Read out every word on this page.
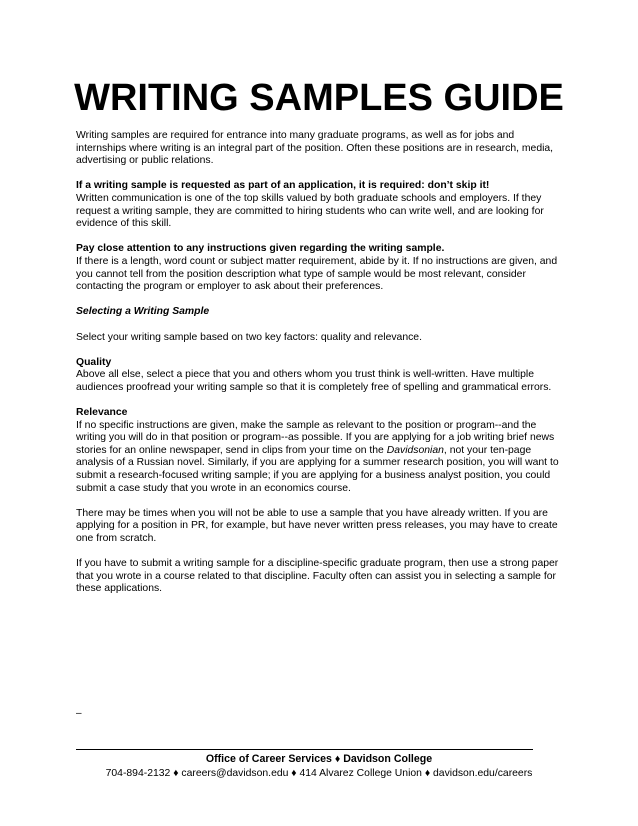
WRITING SAMPLES GUIDE

Writing samples are required for entrance into many graduate programs, as well as for jobs and internships where writing is an integral part of the position. Often these positions are in research, media, advertising or public relations.

If a writing sample is requested as part of an application, it is required: don’t skip it!
Written communication is one of the top skills valued by both graduate schools and employers. If they request a writing sample, they are committed to hiring students who can write well, and are looking for evidence of this skill.

Pay close attention to any instructions given regarding the writing sample.
If there is a length, word count or subject matter requirement, abide by it. If no instructions are given, and you cannot tell from the position description what type of sample would be most relevant, consider contacting the program or employer to ask about their preferences.

Selecting a Writing Sample

Select your writing sample based on two key factors: quality and relevance.

Quality
Above all else, select a piece that you and others whom you trust think is well-written. Have multiple audiences proofread your writing sample so that it is completely free of spelling and grammatical errors.

Relevance
If no specific instructions are given, make the sample as relevant to the position or program--and the writing you will do in that position or program--as possible. If you are applying for a job writing brief news stories for an online newspaper, send in clips from your time on the Davidsonian, not your ten-page analysis of a Russian novel. Similarly, if you are applying for a summer research position, you will want to submit a research-focused writing sample; if you are applying for a business analyst position, you could submit a case study that you wrote in an economics course.

There may be times when you will not be able to use a sample that you have already written. If you are applying for a position in PR, for example, but have never written press releases, you may have to create one from scratch.

If you have to submit a writing sample for a discipline-specific graduate program, then use a strong paper that you wrote in a course related to that discipline. Faculty often can assist you in selecting a sample for these applications.

–
Office of Career Services ♦ Davidson College
704-894-2132 ♦ careers@davidson.edu ♦ 414 Alvarez College Union ♦ davidson.edu/careers
